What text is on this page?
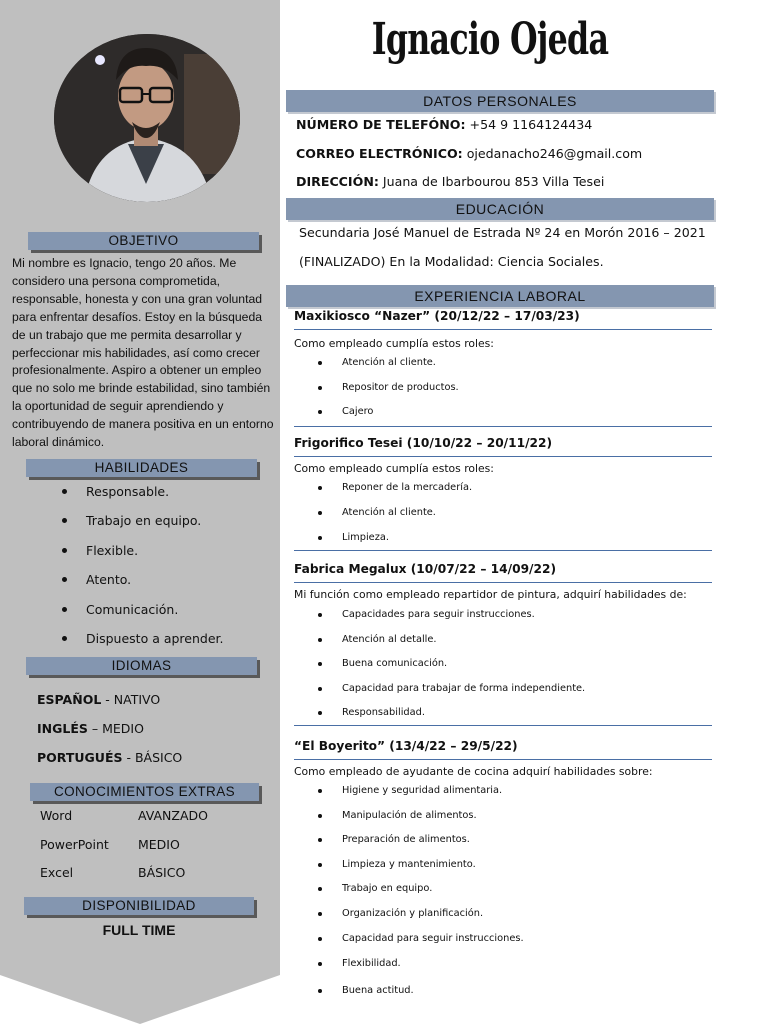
OBJETIVO
Mi nombre es Ignacio, tengo 20 años. Me considero una persona comprometida, responsable, honesta y con una gran voluntad para enfrentar desafíos. Estoy en la búsqueda de un trabajo que me permita desarrollar y perfeccionar mis habilidades, así como crecer profesionalmente. Aspiro a obtener un empleo que no solo me brinde estabilidad, sino también la oportunidad de seguir aprendiendo y contribuyendo de manera positiva en un entorno laboral dinámico.
HABILIDADES
Responsable.
Trabajo en equipo.
Flexible.
Atento.
Comunicación.
Dispuesto a aprender.
IDIOMAS
ESPAÑOL - NATIVO
INGLÉS – MEDIO
PORTUGUÉS - BÁSICO
CONOCIMIENTOS EXTRAS
Word	AVANZADO
PowerPoint MEDIO
Excel	BÁSICO
DISPONIBILIDAD
FULL TIME
Ignacio Ojeda
DATOS PERSONALES
NÚMERO DE TELEFÓNO: +54 9 1164124434
CORREO ELECTRÓNICO: ojedanacho246@gmail.com
DIRECCIÓN: Juana de Ibarbourou 853 Villa Tesei
EDUCACIÓN
Secundaria José Manuel de Estrada Nº 24 en Morón 2016 – 2021
(FINALIZADO) En la Modalidad: Ciencia Sociales.
EXPERIENCIA LABORAL
Maxikiosco “Nazer” (20/12/22 – 17/03/23)
Como empleado cumplía estos roles:
Atención al cliente.
Repositor de productos.
Cajero
Frigorifico Tesei (10/10/22 – 20/11/22)
Como empleado cumplía estos roles:
Reponer de la mercadería.
Atención al cliente.
Limpieza.
Fabrica Megalux (10/07/22 – 14/09/22)
Mi función como empleado repartidor de pintura, adquirí habilidades de:
Capacidades para seguir instrucciones.
Atención al detalle.
Buena comunicación.
Capacidad para trabajar de forma independiente.
Responsabilidad.
“El Boyerito” (13/4/22 – 29/5/22)
Como empleado de ayudante de cocina adquirí habilidades sobre:
Higiene y seguridad alimentaria.
Manipulación de alimentos.
Preparación de alimentos.
Limpieza y mantenimiento.
Trabajo en equipo.
Organización y planificación.
Capacidad para seguir instrucciones.
Flexibilidad.
Buena actitud.
